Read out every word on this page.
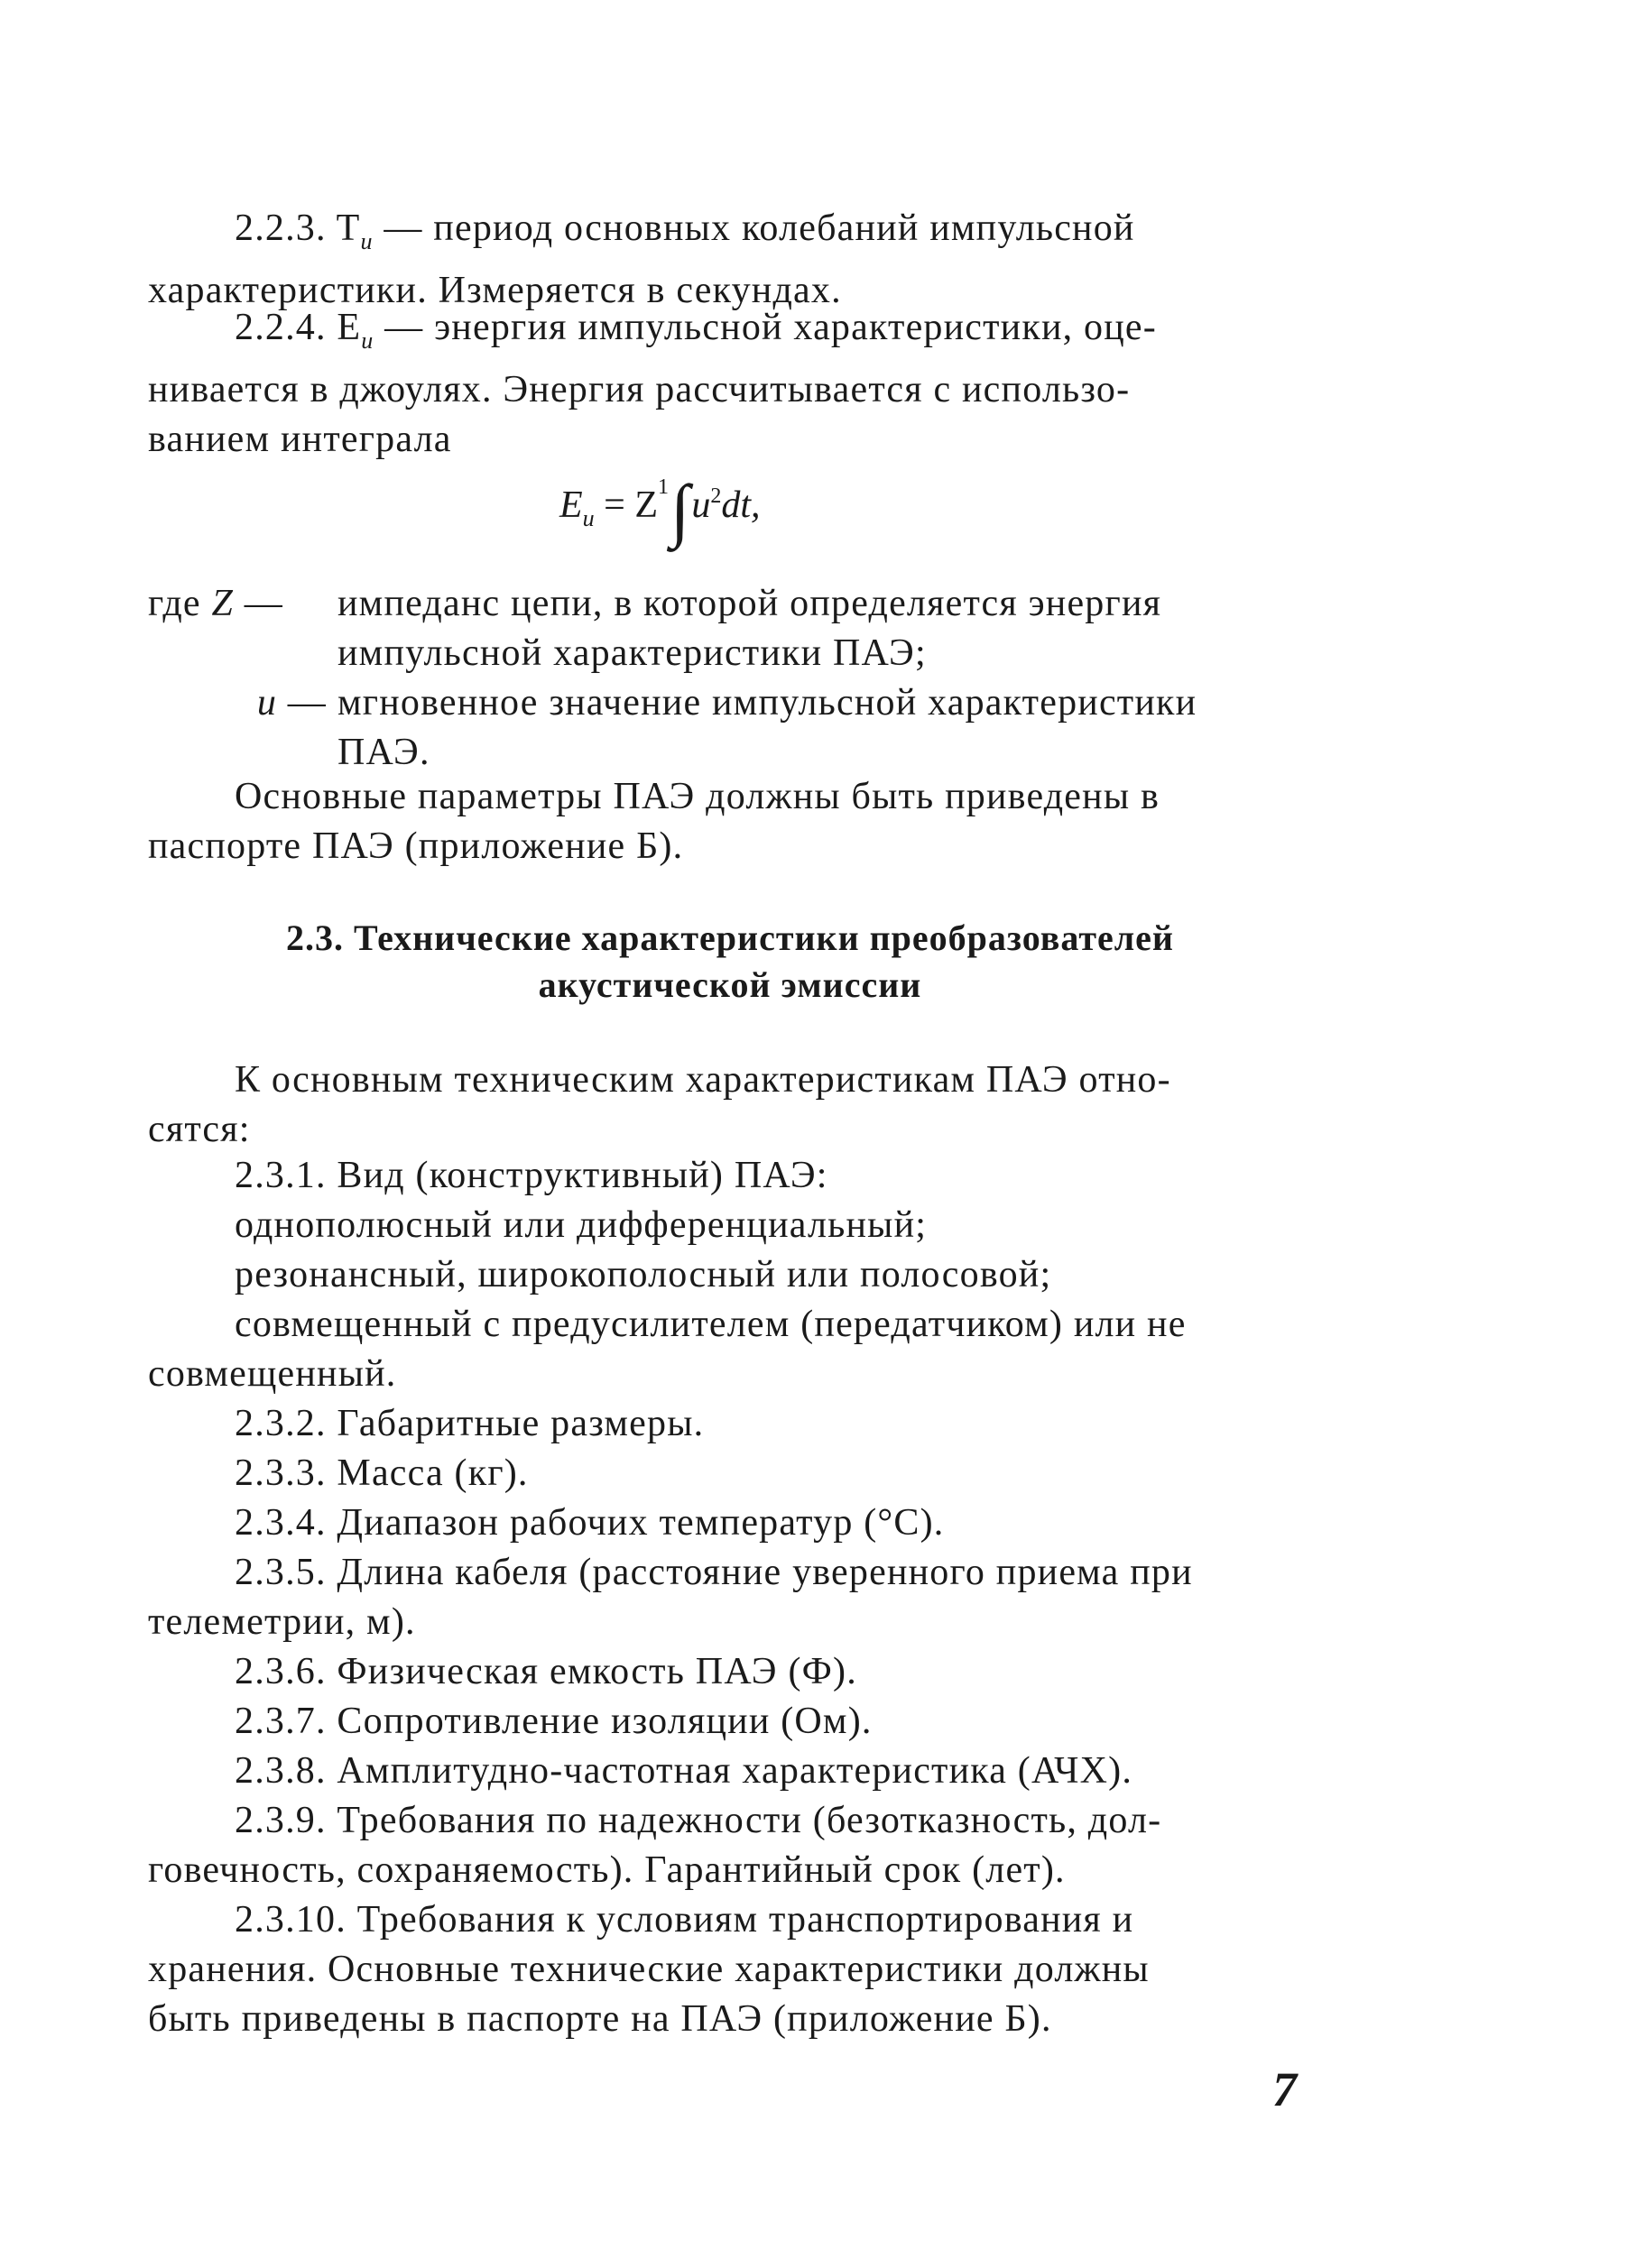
2.2.3. $T_и$ — период основных колебаний импульсной
характеристики. Измеряется в секундах.
2.2.4. $E_и$ — энергия импульсной характеристики, оце-
нивается в джоулях. Энергия рассчитывается с использо-
ванием интеграла
$E_и = Z^1\int u^2dt$,
где Z —	импеданс цепи, в которой определяется энергия
импульсной характеристики ПАЭ;
u — мгновенное значение импульсной характеристики
ПАЭ.
Основные параметры ПАЭ должны быть приведены в
паспорте ПАЭ (приложение Б).
2.3. Технические характеристики преобразователей
акустической эмиссии
К основным техническим характеристикам ПАЭ отно-
сятся:
2.3.1. Вид (конструктивный) ПАЭ:
однополюсный или дифференциальный;
резонансный, широкополосный или полосовой;
совмещенный с предусилителем (передатчиком) или не
совмещенный.
2.3.2. Габаритные размеры.
2.3.3. Масса (кг).
2.3.4. Диапазон рабочих температур (°С).
2.3.5. Длина кабеля (расстояние уверенного приема при
телеметрии, м).
2.3.6. Физическая емкость ПАЭ (Ф).
2.3.7. Сопротивление изоляции (Ом).
2.3.8. Амплитудно-частотная характеристика (АЧХ).
2.3.9. Требования по надежности (безотказность, дол-
говечность, сохраняемость). Гарантийный срок (лет).
2.3.10. Требования к условиям транспортирования и
хранения. Основные технические характеристики должны
быть приведены в паспорте на ПАЭ (приложение Б).
7
